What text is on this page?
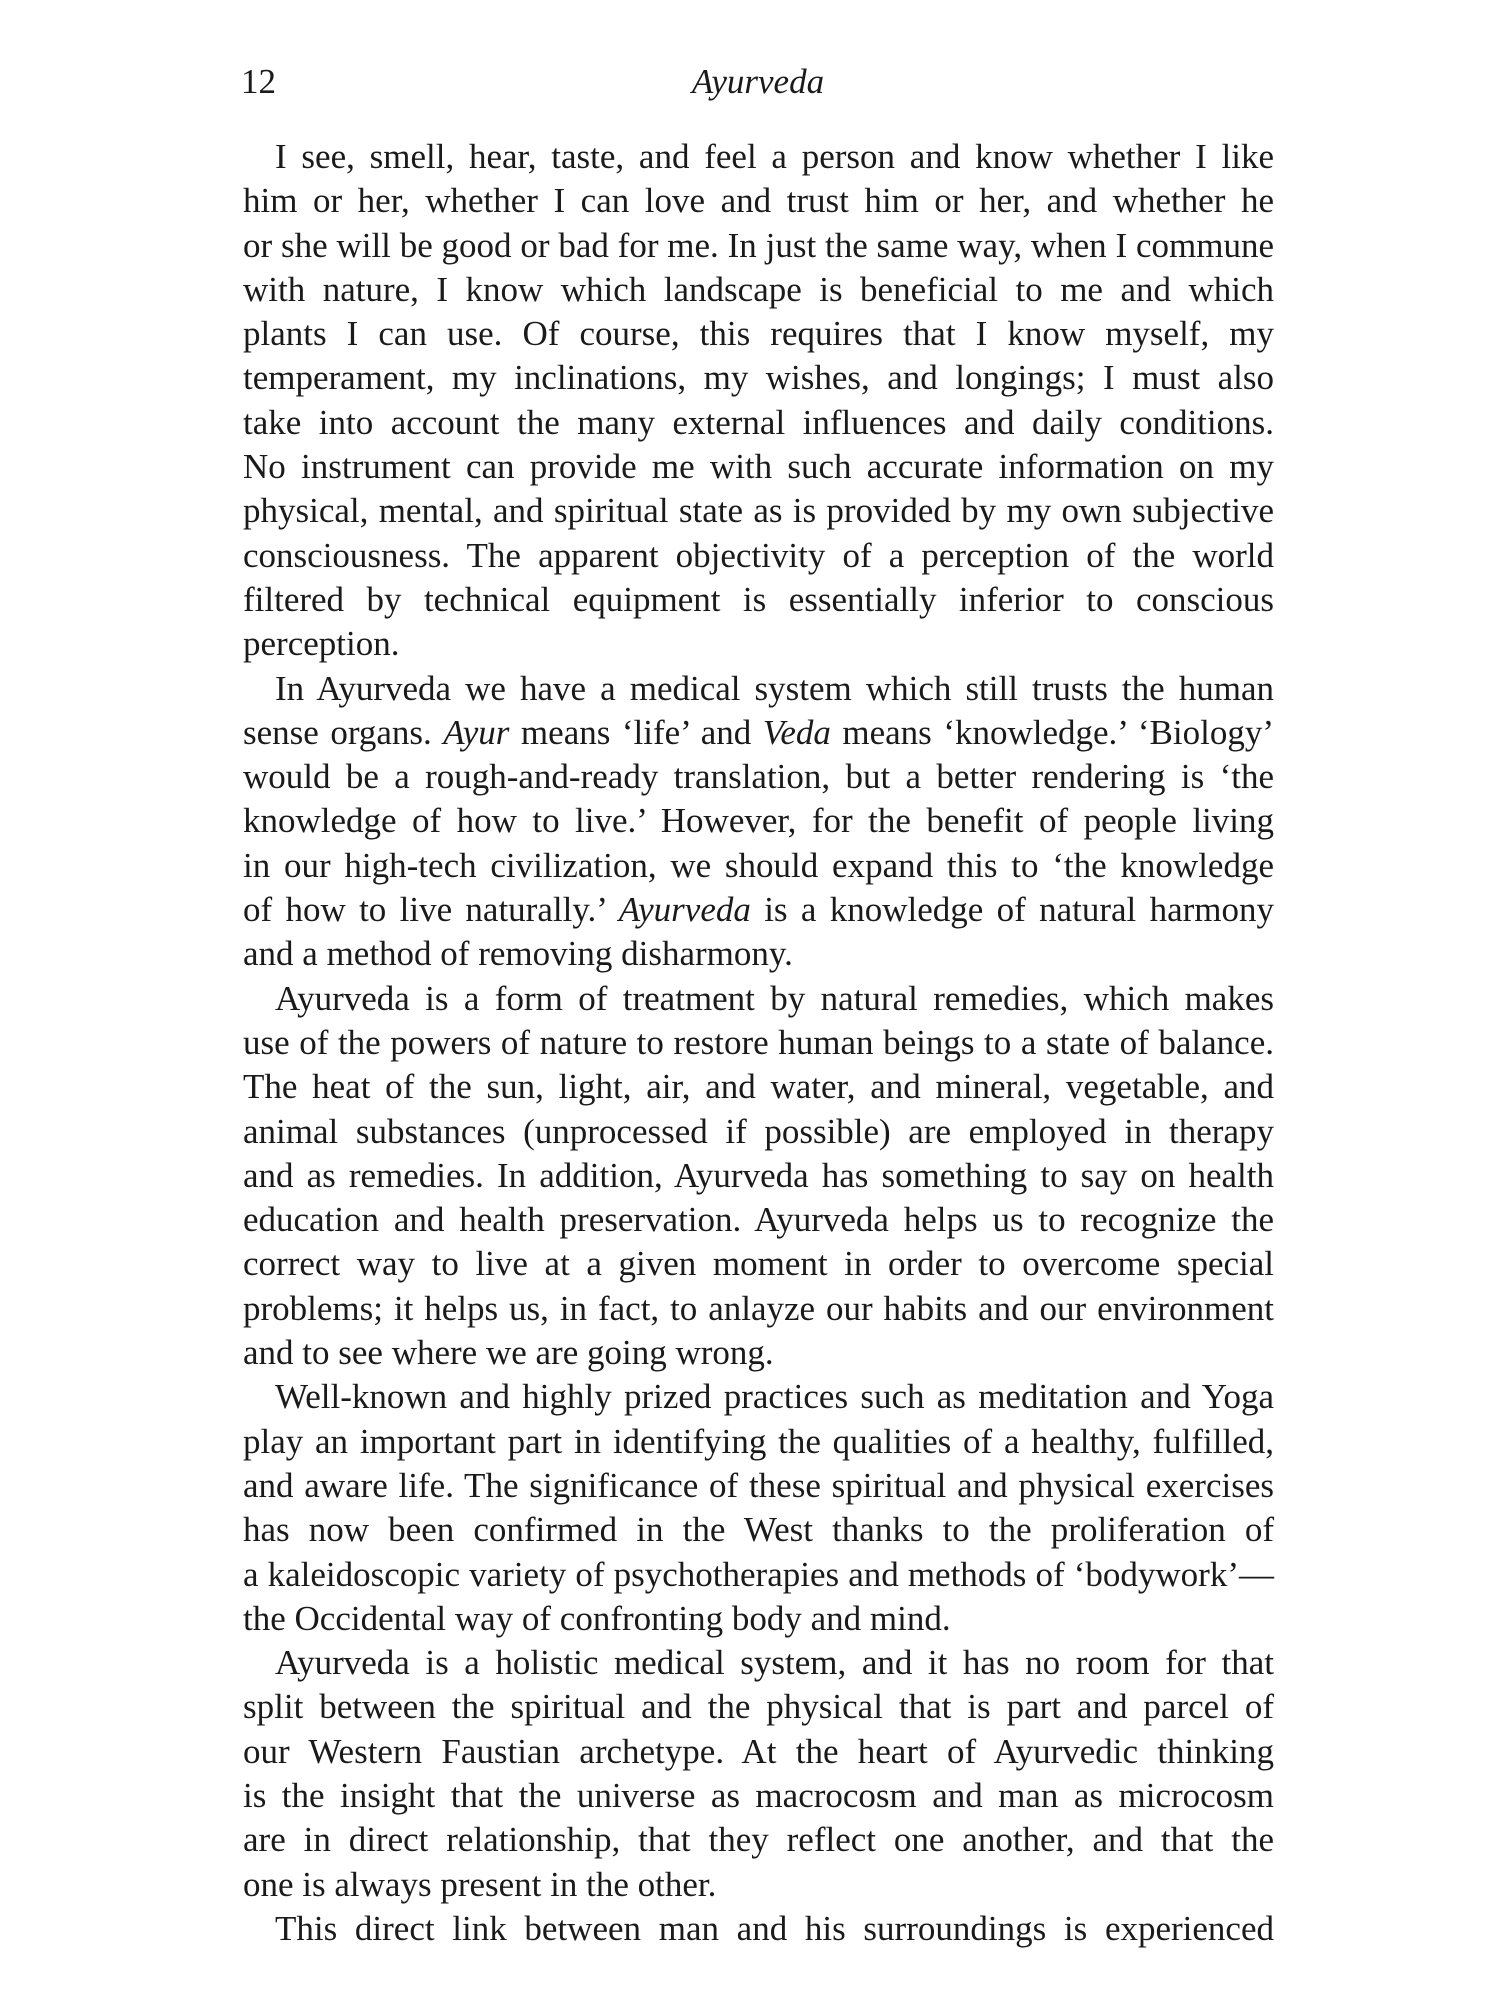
12	Ayurveda
I see, smell, hear, taste, and feel a person and know whether I like
him or her, whether I can love and trust him or her, and whether he
or she will be good or bad for me. In just the same way, when I commune
with nature, I know which landscape is beneficial to me and which
plants I can use. Of course, this requires that I know myself, my
temperament, my inclinations, my wishes, and longings; I must also
take into account the many external influences and daily conditions.
No instrument can provide me with such accurate information on my
physical, mental, and spiritual state as is provided by my own subjective
consciousness. The apparent objectivity of a perception of the world
filtered by technical equipment is essentially inferior to conscious
perception.
In Ayurveda we have a medical system which still trusts the human
sense organs. Ayur means ‘life’ and Veda means ‘knowledge.’ ‘Biology’
would be a rough-and-ready translation, but a better rendering is ‘the
knowledge of how to live.’ However, for the benefit of people living
in our high-tech civilization, we should expand this to ‘the knowledge
of how to live naturally.’ Ayurveda is a knowledge of natural harmony
and a method of removing disharmony.
Ayurveda is a form of treatment by natural remedies, which makes
use of the powers of nature to restore human beings to a state of balance.
The heat of the sun, light, air, and water, and mineral, vegetable, and
animal substances (unprocessed if possible) are employed in therapy
and as remedies. In addition, Ayurveda has something to say on health
education and health preservation. Ayurveda helps us to recognize the
correct way to live at a given moment in order to overcome special
problems; it helps us, in fact, to anlayze our habits and our environment
and to see where we are going wrong.
Well-known and highly prized practices such as meditation and Yoga
play an important part in identifying the qualities of a healthy, fulfilled,
and aware life. The significance of these spiritual and physical exercises
has now been confirmed in the West thanks to the proliferation of
a kaleidoscopic variety of psychotherapies and methods of ‘bodywork’—
the Occidental way of confronting body and mind.
Ayurveda is a holistic medical system, and it has no room for that
split between the spiritual and the physical that is part and parcel of
our Western Faustian archetype. At the heart of Ayurvedic thinking
is the insight that the universe as macrocosm and man as microcosm
are in direct relationship, that they reflect one another, and that the
one is always present in the other.
This direct link between man and his surroundings is experienced
